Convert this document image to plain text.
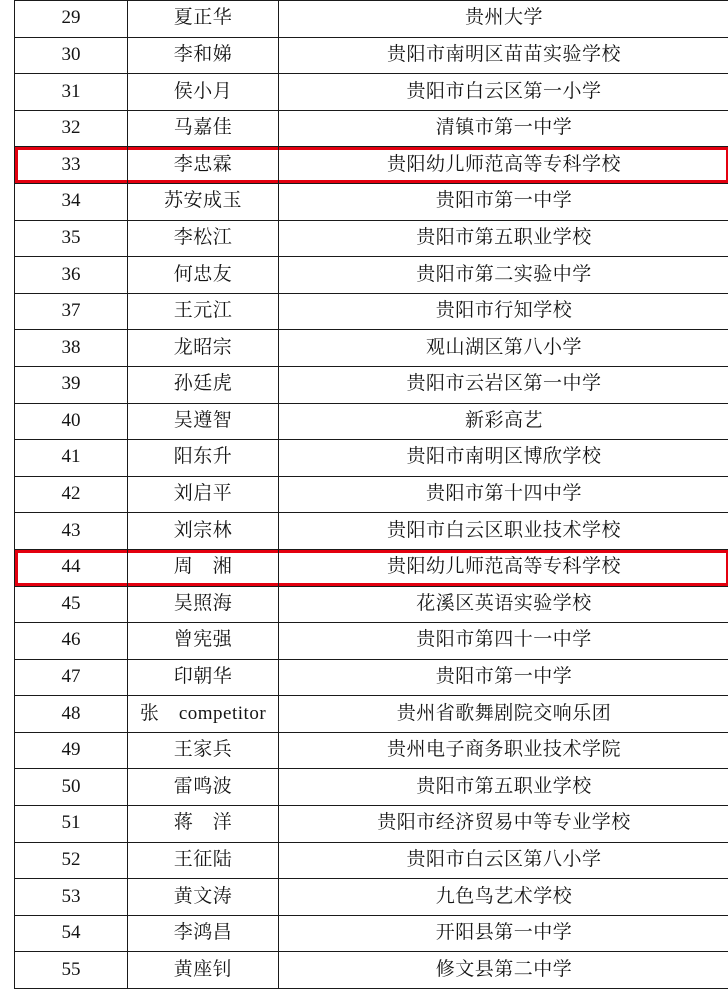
29	夏正华	贵州大学
30	李和娣	贵阳市南明区苗苗实验学校
31	侯小月	贵阳市白云区第一小学
32	马嘉佳	清镇市第一中学
33	李忠霖	贵阳幼儿师范高等专科学校
34	苏安成玉	贵阳市第一中学
35	李松江	贵阳市第五职业学校
36	何忠友	贵阳市第二实验中学
37	王元江	贵阳市行知学校
38	龙昭宗	观山湖区第八小学
39	孙廷虎	贵阳市云岩区第一中学
40	吴遵智	新彩高艺
41	阳东升	贵阳市南明区博欣学校
42	刘启平	贵阳市第十四中学
43	刘宗林	贵阳市白云区职业技术学校
44	周　湘	贵阳幼儿师范高等专科学校
45	吴照海	花溪区英语实验学校
46	曾宪强	贵阳市第四十一中学
47	印朝华	贵阳市第一中学
48	张　competitor	贵州省歌舞剧院交响乐团
49	王家兵	贵州电子商务职业技术学院
50	雷鸣波	贵阳市第五职业学校
51	蒋　洋	贵阳市经济贸易中等专业学校
52	王征陆	贵阳市白云区第八小学
53	黄文涛	九色鸟艺术学校
54	李鸿昌	开阳县第一中学
55	黄座钊	修文县第二中学
